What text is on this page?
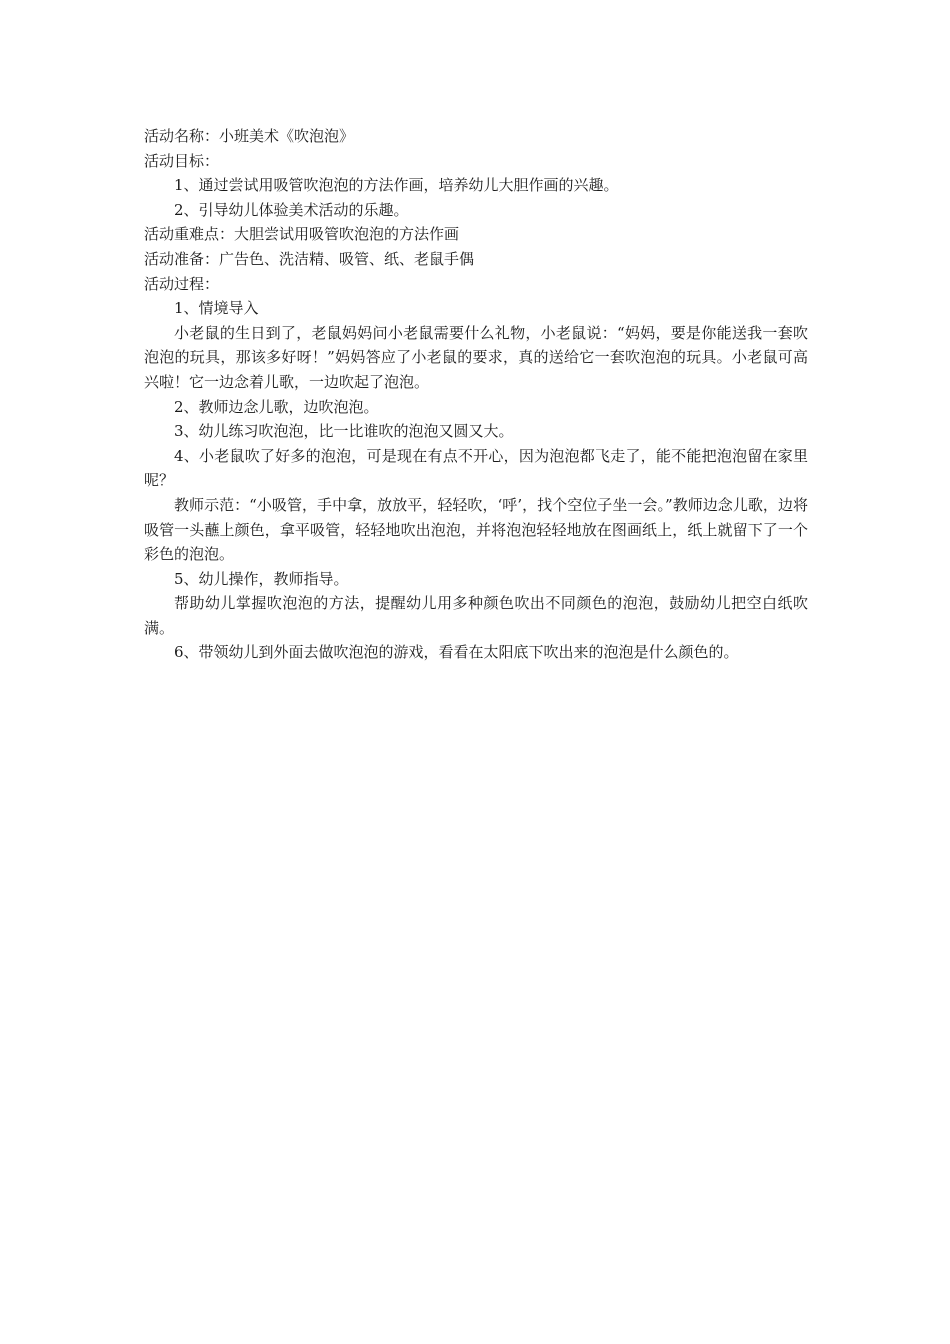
活动名称：小班美术《吹泡泡》

活动目标：

1、通过尝试用吸管吹泡泡的方法作画，培养幼儿大胆作画的兴趣。

2、引导幼儿体验美术活动的乐趣。

活动重难点：大胆尝试用吸管吹泡泡的方法作画

活动准备：广告色、洗洁精、吸管、纸、老鼠手偶

活动过程：

1、情境导入

小老鼠的生日到了，老鼠妈妈问小老鼠需要什么礼物，小老鼠说：“妈妈，要是你能送我一套吹泡泡的玩具，那该多好呀！”妈妈答应了小老鼠的要求，真的送给它一套吹泡泡的玩具。小老鼠可高兴啦！它一边念着儿歌，一边吹起了泡泡。

2、教师边念儿歌，边吹泡泡。

3、幼儿练习吹泡泡，比一比谁吹的泡泡又圆又大。

4、小老鼠吹了好多的泡泡，可是现在有点不开心，因为泡泡都飞走了，能不能把泡泡留在家里呢？

教师示范：“小吸管，手中拿，放放平，轻轻吹，‘呼’，找个空位子坐一会。”教师边念儿歌，边将吸管一头蘸上颜色，拿平吸管，轻轻地吹出泡泡，并将泡泡轻轻地放在图画纸上，纸上就留下了一个彩色的泡泡。

5、幼儿操作，教师指导。

帮助幼儿掌握吹泡泡的方法，提醒幼儿用多种颜色吹出不同颜色的泡泡，鼓励幼儿把空白纸吹满。

6、带领幼儿到外面去做吹泡泡的游戏，看看在太阳底下吹出来的泡泡是什么颜色的。
